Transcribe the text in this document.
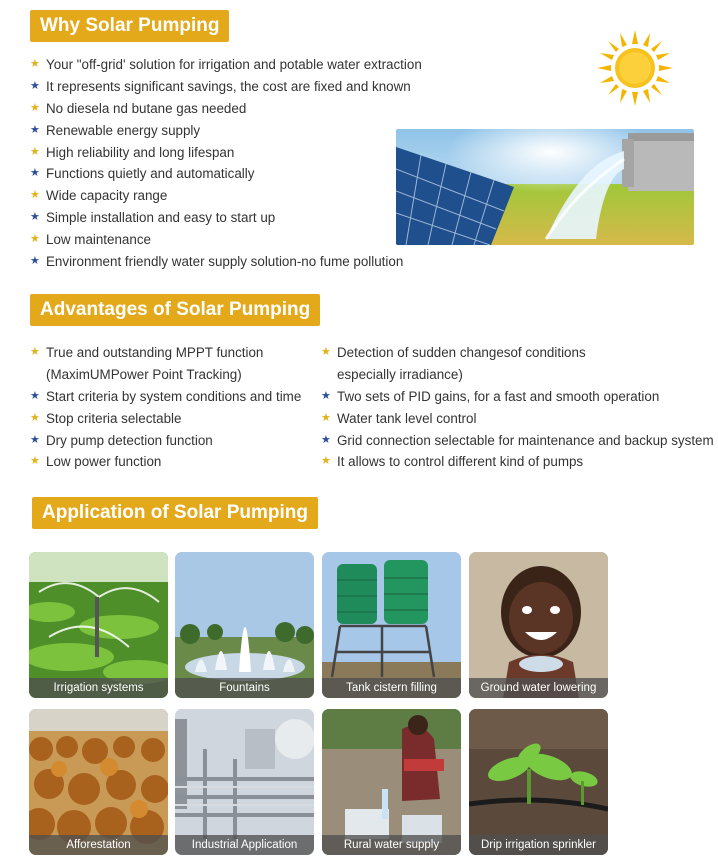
Why Solar Pumping
★ Your "off-grid' solution for irrigation and potable water extraction
★ It represents significant savings, the cost are fixed and known
★ No diesela nd butane gas needed
★ Renewable energy supply
★ High reliability and long lifespan
★ Functions quietly and automatically
★ Wide capacity range
★ Simple installation and easy to start up
★ Low maintenance
★ Environment friendly water supply solution-no fume pollution
Advantages of Solar Pumping
★ True and outstanding MPPT function
(MaximUMPower Point Tracking)
★ Start criteria by system conditions and time
★ Stop criteria selectable
★ Dry pump detection function
★ Low power function
★ Detection of sudden changesof conditions
especially irradiance)
★ Two sets of PID gains, for a fast and smooth operation
★ Water tank level control
★ Grid connection selectable for maintenance and backup system
★ It allows to control different kind of pumps
Application of Solar Pumping
Irrigation systems	Fountains	Tank cistern filling	Ground water lowering
Afforestation	Industrial Application	Rural water supply	Drip irrigation sprinkler
